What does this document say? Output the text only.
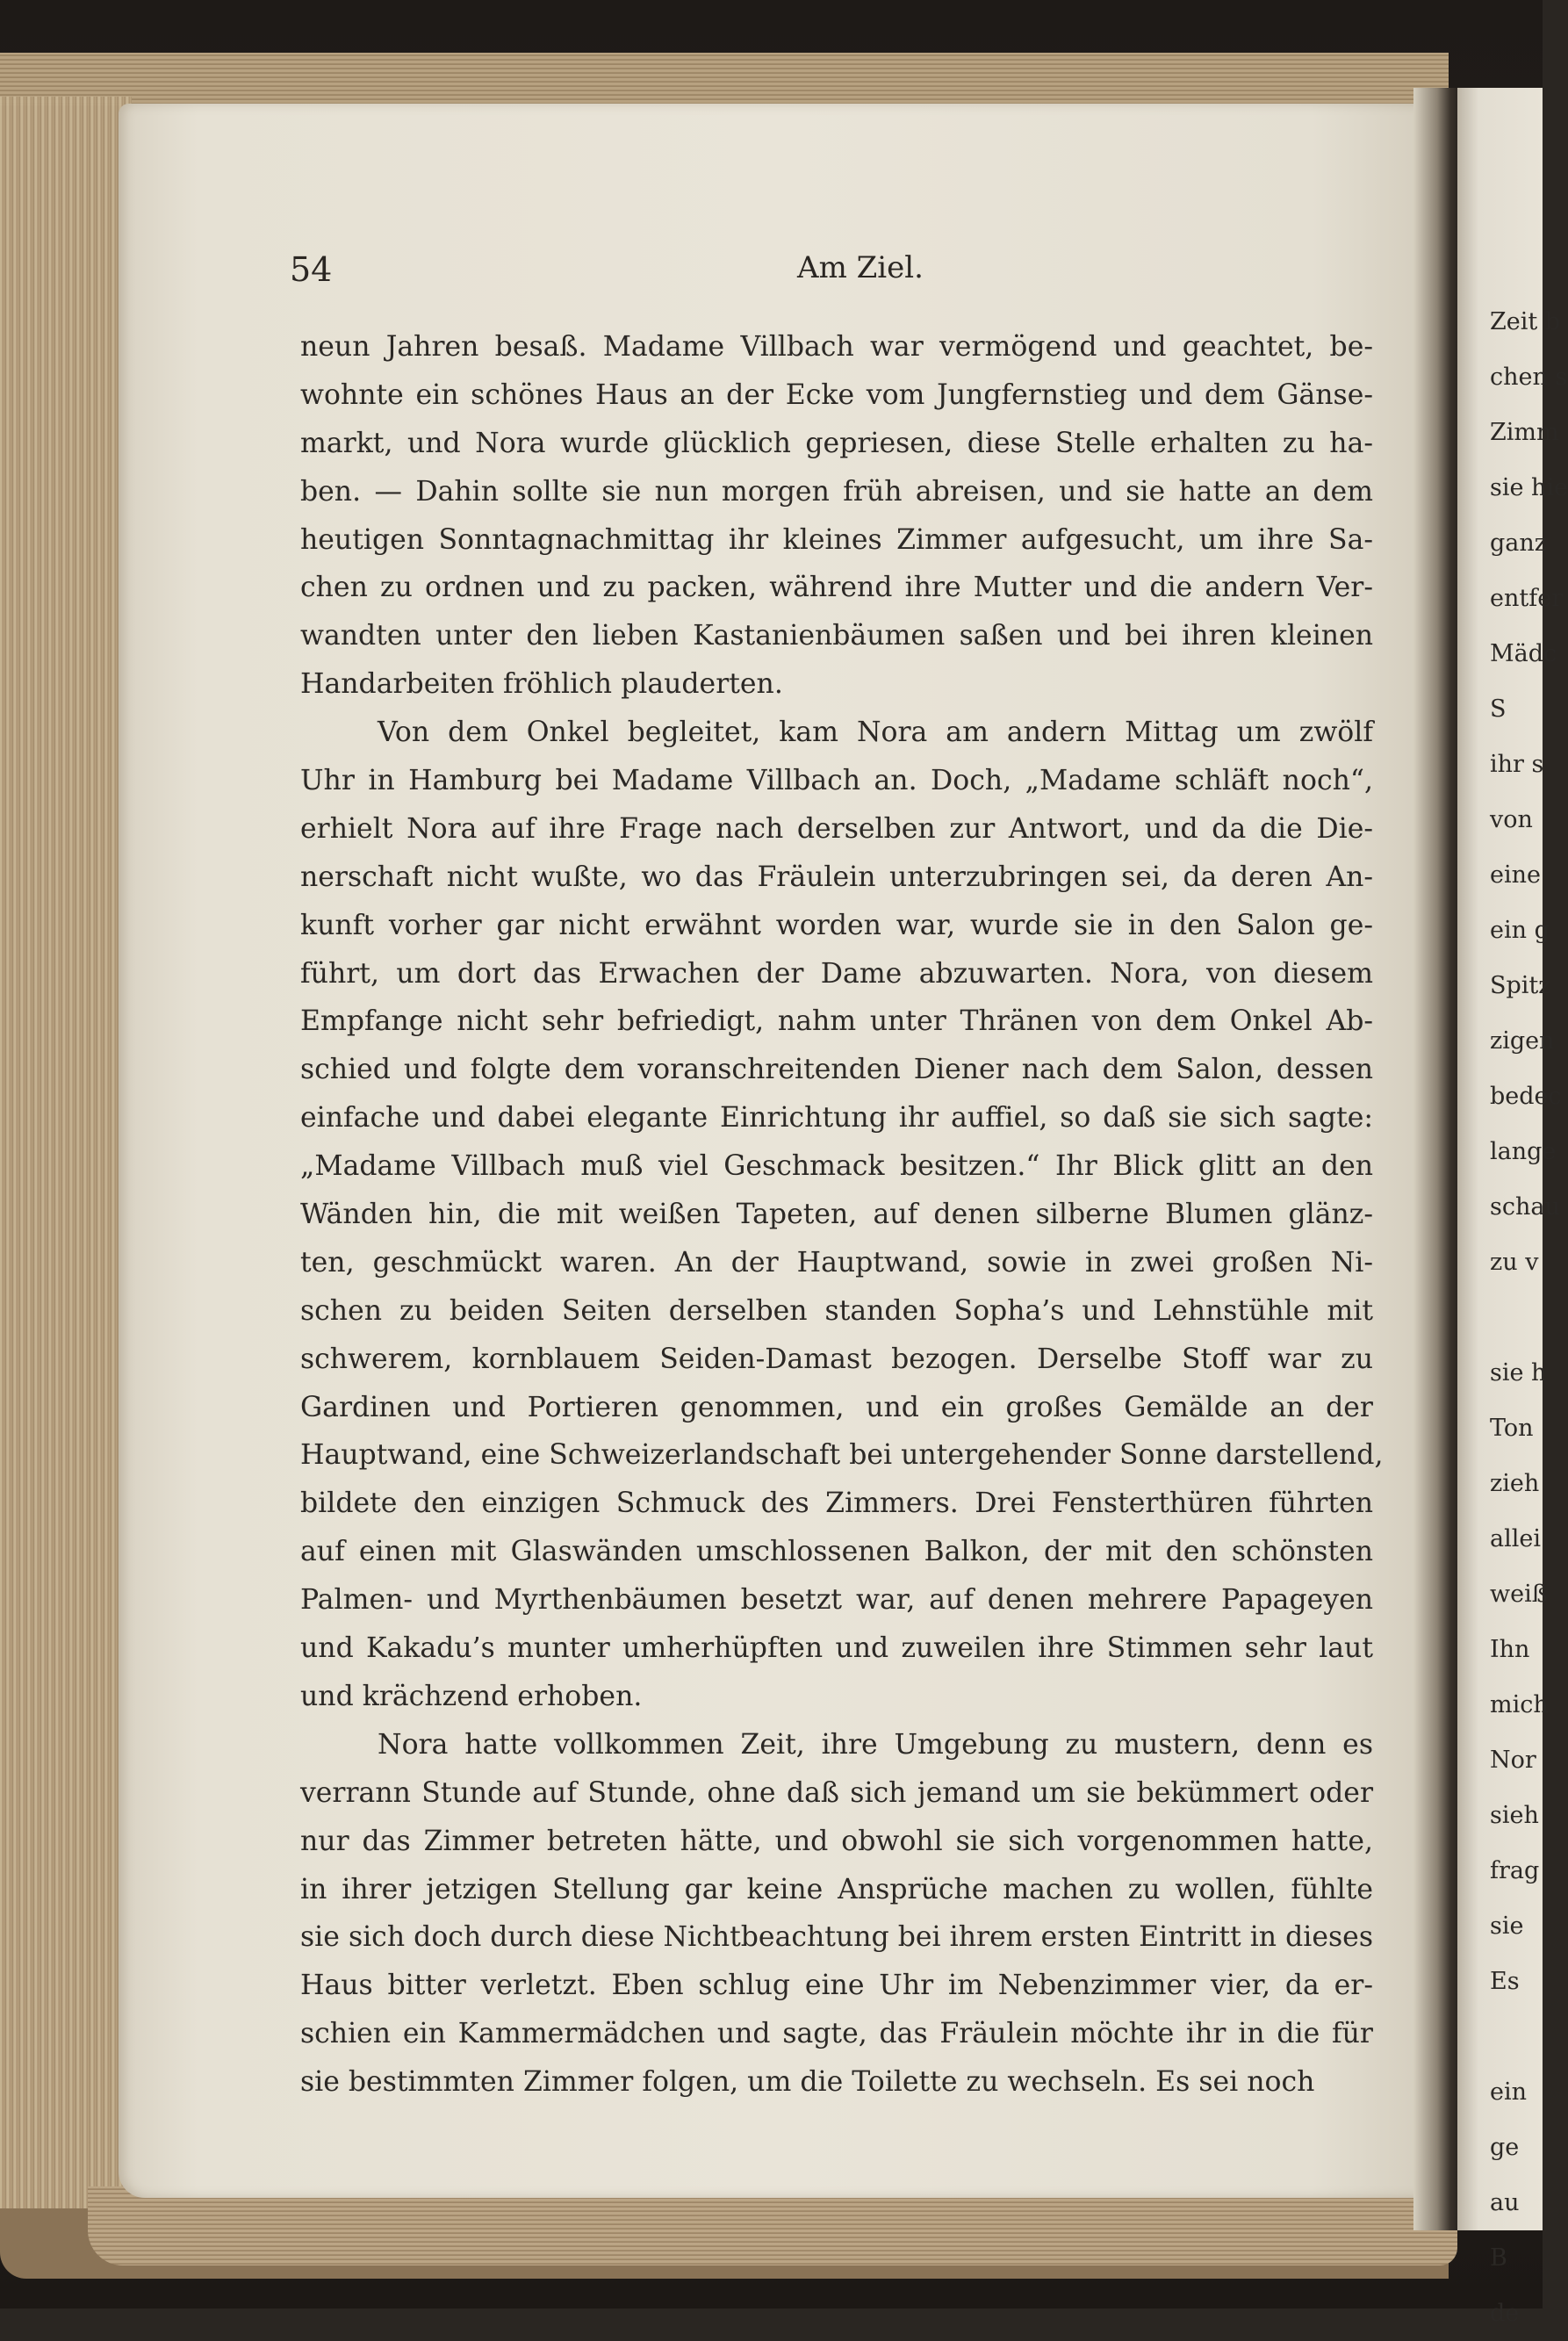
54	Am Ziel.
neun Jahren besaß. Madame Villbach war vermögend und geachtet, be-
wohnte ein schönes Haus an der Ecke vom Jungfernstieg und dem Gänse-
markt, und Nora wurde glücklich gepriesen, diese Stelle erhalten zu ha-
ben. — Dahin sollte sie nun morgen früh abreisen, und sie hatte an dem
heutigen Sonntagnachmittag ihr kleines Zimmer aufgesucht, um ihre Sa-
chen zu ordnen und zu packen, während ihre Mutter und die andern Ver-
wandten unter den lieben Kastanienbäumen saßen und bei ihren kleinen
Handarbeiten fröhlich plauderten.
Von dem Onkel begleitet, kam Nora am andern Mittag um zwölf
Uhr in Hamburg bei Madame Villbach an. Doch, „Madame schläft noch“,
erhielt Nora auf ihre Frage nach derselben zur Antwort, und da die Die-
nerschaft nicht wußte, wo das Fräulein unterzubringen sei, da deren An-
kunft vorher gar nicht erwähnt worden war, wurde sie in den Salon ge-
führt, um dort das Erwachen der Dame abzuwarten. Nora, von diesem
Empfange nicht sehr befriedigt, nahm unter Thränen von dem Onkel Ab-
schied und folgte dem voranschreitenden Diener nach dem Salon, dessen
einfache und dabei elegante Einrichtung ihr auffiel, so daß sie sich sagte:
„Madame Villbach muß viel Geschmack besitzen.“ Ihr Blick glitt an den
Wänden hin, die mit weißen Tapeten, auf denen silberne Blumen glänz-
ten, geschmückt waren. An der Hauptwand, sowie in zwei großen Ni-
schen zu beiden Seiten derselben standen Sopha’s und Lehnstühle mit
schwerem, kornblauem Seiden-Damast bezogen. Derselbe Stoff war zu
Gardinen und Portieren genommen, und ein großes Gemälde an der
Hauptwand, eine Schweizerlandschaft bei untergehender Sonne darstellend,
bildete den einzigen Schmuck des Zimmers. Drei Fensterthüren führten
auf einen mit Glaswänden umschlossenen Balkon, der mit den schönsten
Palmen- und Myrthenbäumen besetzt war, auf denen mehrere Papageyen
und Kakadu’s munter umherhüpften und zuweilen ihre Stimmen sehr laut
und krächzend erhoben.
Nora hatte vollkommen Zeit, ihre Umgebung zu mustern, denn es
verrann Stunde auf Stunde, ohne daß sich jemand um sie bekümmert oder
nur das Zimmer betreten hätte, und obwohl sie sich vorgenommen hatte,
in ihrer jetzigen Stellung gar keine Ansprüche machen zu wollen, fühlte
sie sich doch durch diese Nichtbeachtung bei ihrem ersten Eintritt in dieses
Haus bitter verletzt. Eben schlug eine Uhr im Nebenzimmer vier, da er-
schien ein Kammermädchen und sagte, das Fräulein möchte ihr in die für
sie bestimmten Zimmer folgen, um die Toilette zu wechseln. Es sei noch
Zeit b
chen s
Zimm
sie hie
ganz
entfer
Mädc
S
ihr s
von
eine
ein g
Spitz
zigen
bedec
lange
schau
zu v
sie h
Ton
zieh
allei
weiß
Ihn
mich
Nor
sieh
frag
sie
Es
ein
ge
au
B
de
